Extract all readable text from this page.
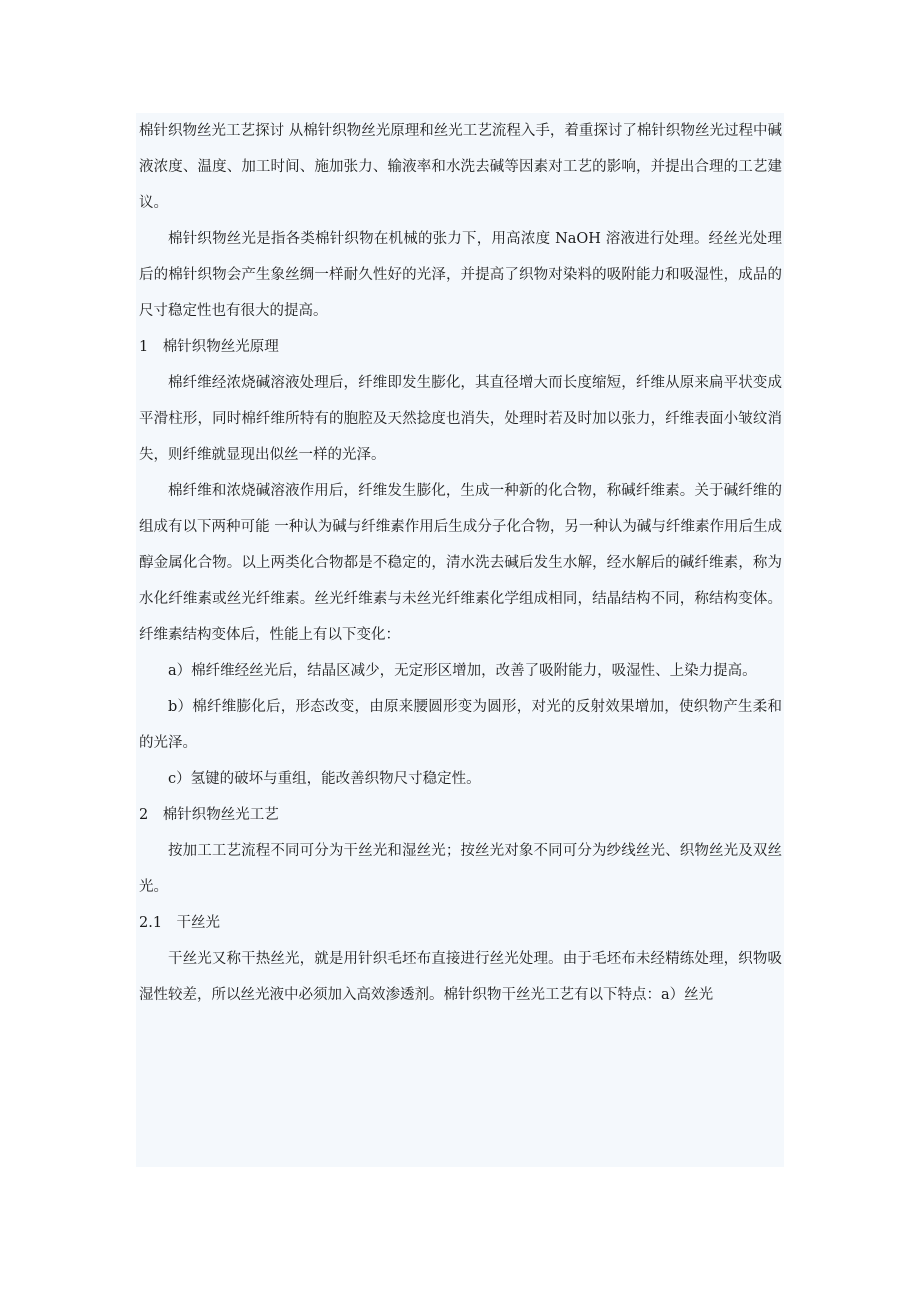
棉针织物丝光工艺探讨 从棉针织物丝光原理和丝光工艺流程入手，着重探讨了棉针织物丝光过程中碱液浓度、温度、加工时间、施加张力、输液率和水洗去碱等因素对工艺的影响，并提出合理的工艺建议。

棉针织物丝光是指各类棉针织物在机械的张力下，用高浓度 NaOH 溶液进行处理。经丝光处理后的棉针织物会产生象丝绸一样耐久性好的光泽，并提高了织物对染料的吸附能力和吸湿性，成品的尺寸稳定性也有很大的提高。

1　棉针织物丝光原理

棉纤维经浓烧碱溶液处理后，纤维即发生膨化，其直径增大而长度缩短，纤维从原来扁平状变成平滑柱形，同时棉纤维所特有的胞腔及天然捻度也消失，处理时若及时加以张力，纤维表面小皱纹消失，则纤维就显现出似丝一样的光泽。

棉纤维和浓烧碱溶液作用后，纤维发生膨化，生成一种新的化合物，称碱纤维素。关于碱纤维的组成有以下两种可能 一种认为碱与纤维素作用后生成分子化合物，另一种认为碱与纤维素作用后生成醇金属化合物。以上两类化合物都是不稳定的，清水洗去碱后发生水解，经水解后的碱纤维素，称为水化纤维素或丝光纤维素。丝光纤维素与未丝光纤维素化学组成相同，结晶结构不同，称结构变体。纤维素结构变体后，性能上有以下变化：

a）棉纤维经丝光后，结晶区减少，无定形区增加，改善了吸附能力，吸湿性、上染力提高。

b）棉纤维膨化后，形态改变，由原来腰圆形变为圆形，对光的反射效果增加，使织物产生柔和的光泽。

c）氢键的破坏与重组，能改善织物尺寸稳定性。

2　棉针织物丝光工艺

按加工工艺流程不同可分为干丝光和湿丝光；按丝光对象不同可分为纱线丝光、织物丝光及双丝光。

2.1　干丝光

干丝光又称干热丝光，就是用针织毛坯布直接进行丝光处理。由于毛坯布未经精练处理，织物吸湿性较差，所以丝光液中必须加入高效渗透剂。棉针织物干丝光工艺有以下特点：a）丝光
